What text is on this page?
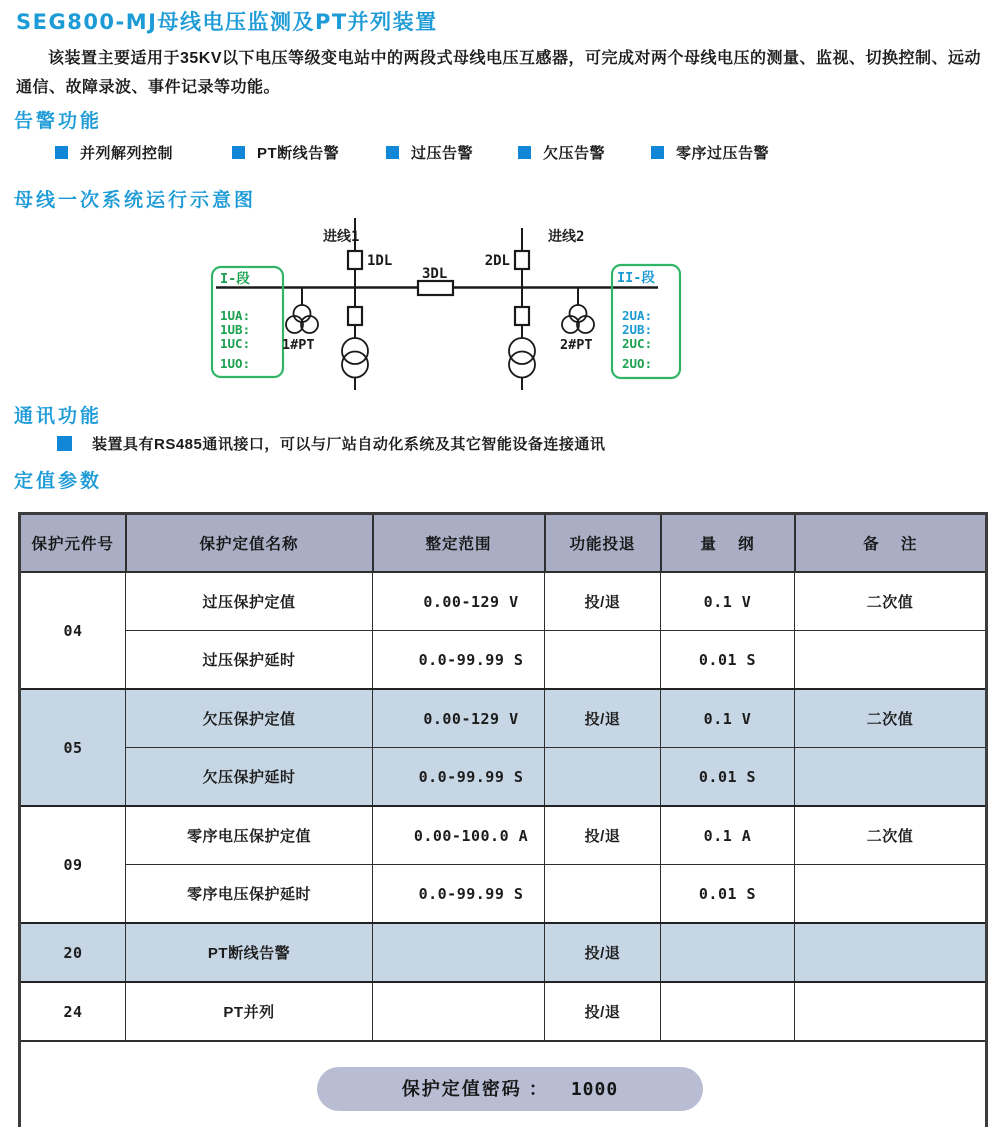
SEG800-MJ母线电压监测及PT并列装置

该装置主要适用于35KV以下电压等级变电站中的两段式母线电压互感器，可完成对两个母线电压的测量、监视、切换控制、远动通信、故障录波、事件记录等功能。

告警功能
并列解列控制	PT断线告警	过压告警	欠压告警	零序过压告警
母线一次系统运行示意图
进线1	进线2
1DL	2DL
3DL
1#PT	2#PT
I-段	II-段
1UA:
1UB:
1UC:
1UO:
2UA:
2UB:
2UC:
2UO:
通讯功能
装置具有RS485通讯接口，可以与厂站自动化系统及其它智能设备连接通讯
定值参数
保护元件号	保护定值名称	整定范围	功能投退	量    纲	备    注
04	过压保护定值	0.00-129 V	投/退	0.1 V	二次值
	过压保护延时	0.0-99.99 S		0.01 S	
05	欠压保护定值	0.00-129 V	投/退	0.1 V	二次值
	欠压保护延时	0.0-99.99 S		0.01 S	
09	零序电压保护定值	0.00-100.0 A	投/退	0.1 A	二次值
	零序电压保护延时	0.0-99.99 S		0.01 S	
20	PT断线告警		投/退		
24	PT并列		投/退		
保护定值密码 ： 1000					
